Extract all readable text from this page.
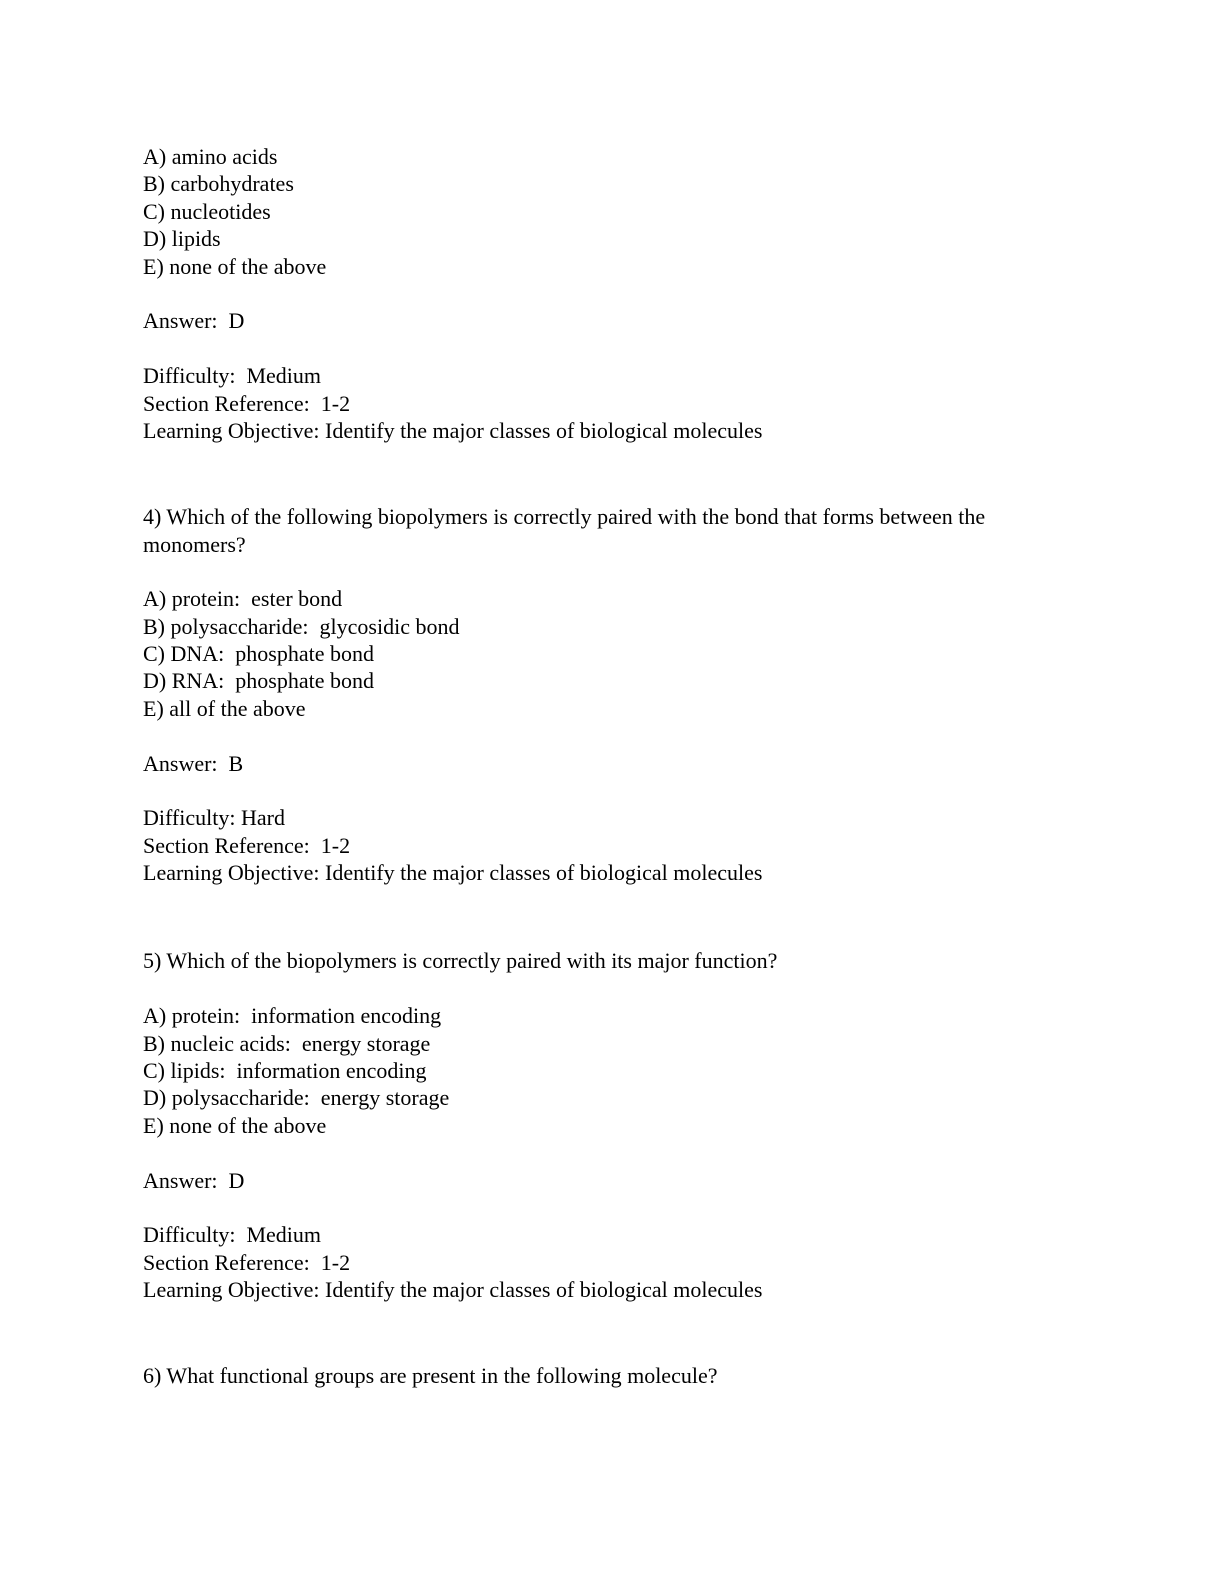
A) amino acids
B) carbohydrates
C) nucleotides
D) lipids
E) none of the above
Answer:  D
Difficulty:  Medium
Section Reference:  1-2
Learning Objective: Identify the major classes of biological molecules
4) Which of the following biopolymers is correctly paired with the bond that forms between the monomers?
A) protein:  ester bond
B) polysaccharide:  glycosidic bond
C) DNA:  phosphate bond
D) RNA:  phosphate bond
E) all of the above
Answer:  B
Difficulty: Hard
Section Reference:  1-2
Learning Objective: Identify the major classes of biological molecules
5) Which of the biopolymers is correctly paired with its major function?
A) protein:  information encoding
B) nucleic acids:  energy storage
C) lipids:  information encoding
D) polysaccharide:  energy storage
E) none of the above
Answer:  D
Difficulty:  Medium
Section Reference:  1-2
Learning Objective: Identify the major classes of biological molecules
6) What functional groups are present in the following molecule?
